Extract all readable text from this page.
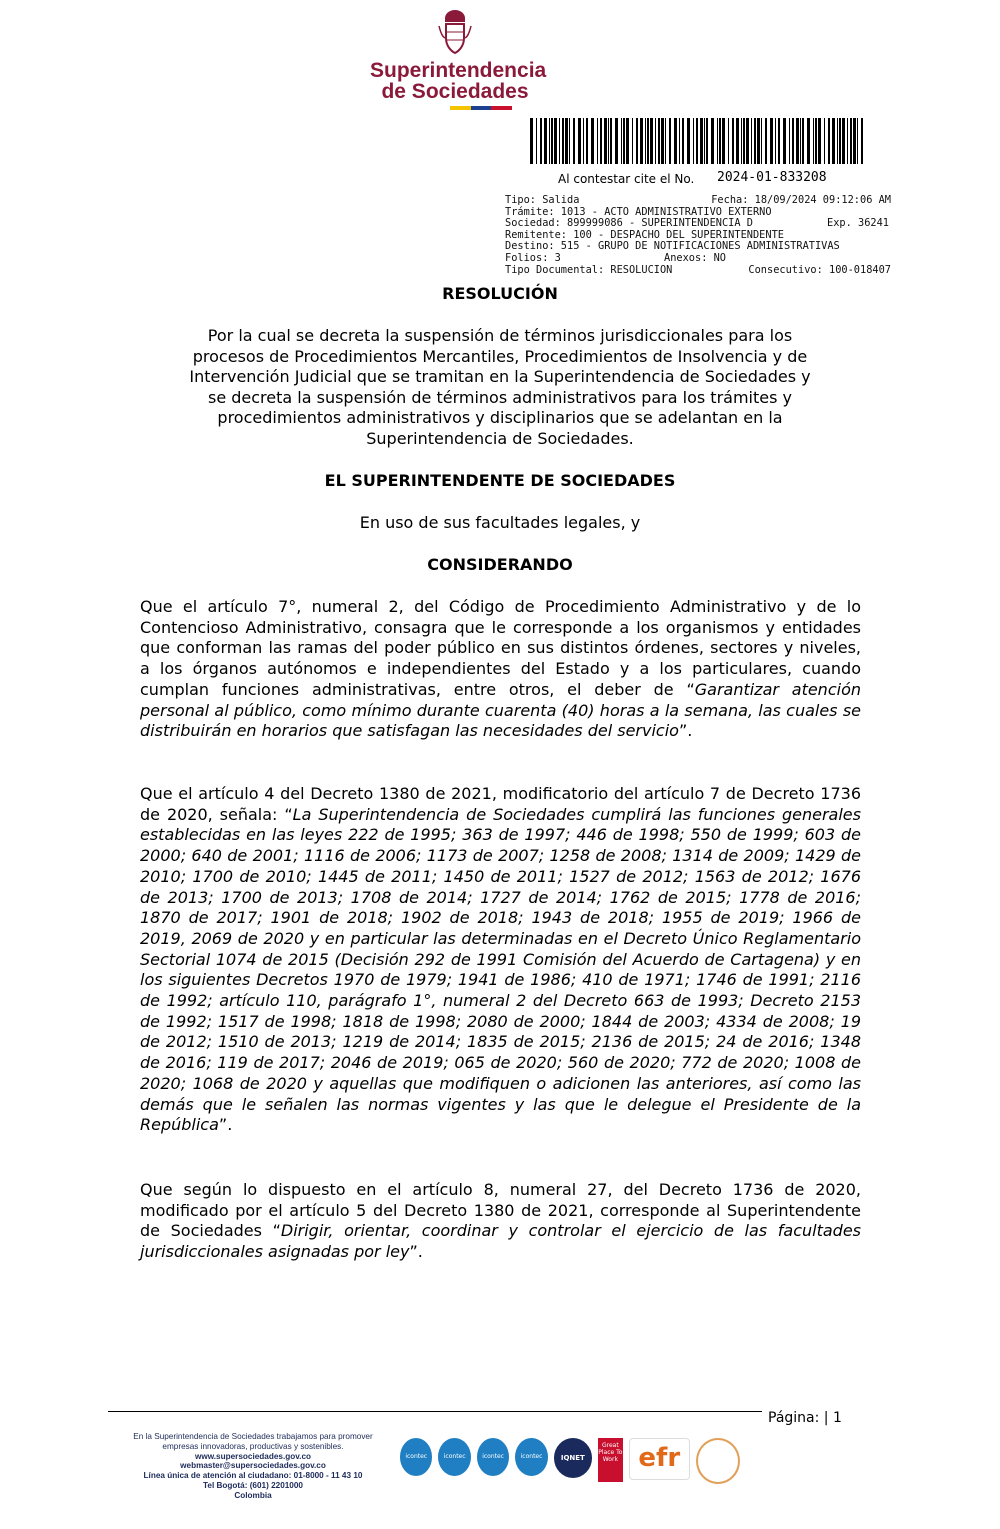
Superintendencia
de Sociedades
Al contestar cite el No. 2024-01-833208
Tipo: Salida	Fecha: 18/09/2024 09:12:06 AM
Trámite: 1013 - ACTO ADMINISTRATIVO EXTERNO
Sociedad: 899999086 - SUPERINTENDENCIA D	Exp. 36241
Remitente: 100 - DESPACHO DEL SUPERINTENDENTE
Destino: 515 - GRUPO DE NOTIFICACIONES ADMINISTRATIVAS
Folios: 3	Anexos: NO
Tipo Documental: RESOLUCION	Consecutivo: 100-018407
RESOLUCIÓN
Por la cual se decreta la suspensión de términos jurisdiccionales para los
procesos de Procedimientos Mercantiles, Procedimientos de Insolvencia y de
Intervención Judicial que se tramitan en la Superintendencia de Sociedades y
se decreta la suspensión de términos administrativos para los trámites y
procedimientos administrativos y disciplinarios que se adelantan en la
Superintendencia de Sociedades.
EL SUPERINTENDENTE DE SOCIEDADES
En uso de sus facultades legales, y
CONSIDERANDO
Que el artículo 7°, numeral 2, del Código de Procedimiento Administrativo y de lo Contencioso Administrativo, consagra que le corresponde a los organismos y entidades que conforman las ramas del poder público en sus distintos órdenes, sectores y niveles, a los órganos autónomos e independientes del Estado y a los particulares, cuando cumplan funciones administrativas, entre otros, el deber de “Garantizar atención personal al público, como mínimo durante cuarenta (40) horas a la semana, las cuales se distribuirán en horarios que satisfagan las necesidades del servicio”.
Que el artículo 4 del Decreto 1380 de 2021, modificatorio del artículo 7 de Decreto 1736 de 2020, señala: “La Superintendencia de Sociedades cumplirá las funciones generales establecidas en las leyes 222 de 1995; 363 de 1997; 446 de 1998; 550 de 1999; 603 de 2000; 640 de 2001; 1116 de 2006; 1173 de 2007; 1258 de 2008; 1314 de 2009; 1429 de 2010; 1700 de 2010; 1445 de 2011; 1450 de 2011; 1527 de 2012; 1563 de 2012; 1676 de 2013; 1700 de 2013; 1708 de 2014; 1727 de 2014; 1762 de 2015; 1778 de 2016; 1870 de 2017; 1901 de 2018; 1902 de 2018; 1943 de 2018; 1955 de 2019; 1966 de 2019, 2069 de 2020 y en particular las determinadas en el Decreto Único Reglamentario Sectorial 1074 de 2015 (Decisión 292 de 1991 Comisión del Acuerdo de Cartagena) y en los siguientes Decretos 1970 de 1979; 1941 de 1986; 410 de 1971; 1746 de 1991; 2116 de 1992; artículo 110, parágrafo 1°, numeral 2 del Decreto 663 de 1993; Decreto 2153 de 1992; 1517 de 1998; 1818 de 1998; 2080 de 2000; 1844 de 2003; 4334 de 2008; 19 de 2012; 1510 de 2013; 1219 de 2014; 1835 de 2015; 2136 de 2015; 24 de 2016; 1348 de 2016; 119 de 2017; 2046 de 2019; 065 de 2020; 560 de 2020; 772 de 2020; 1008 de 2020; 1068 de 2020 y aquellas que modifiquen o adicionen las anteriores, así como las demás que le señalen las normas vigentes y las que le delegue el Presidente de la República”.
Que según lo dispuesto en el artículo 8, numeral 27, del Decreto 1736 de 2020, modificado por el artículo 5 del Decreto 1380 de 2021, corresponde al Superintendente de Sociedades “Dirigir, orientar, coordinar y controlar el ejercicio de las facultades jurisdiccionales asignadas por ley”.
Página: | 1
En la Superintendencia de Sociedades trabajamos para promover
empresas innovadoras, productivas y sostenibles.
www.supersociedades.gov.co
webmaster@supersociedades.gov.co
Línea única de atención al ciudadano: 01-8000 - 11 43 10
Tel Bogotá: (601) 2201000
Colombia
icontec	icontec	icontec	icontec	IQNET
Great Place To Work efr
